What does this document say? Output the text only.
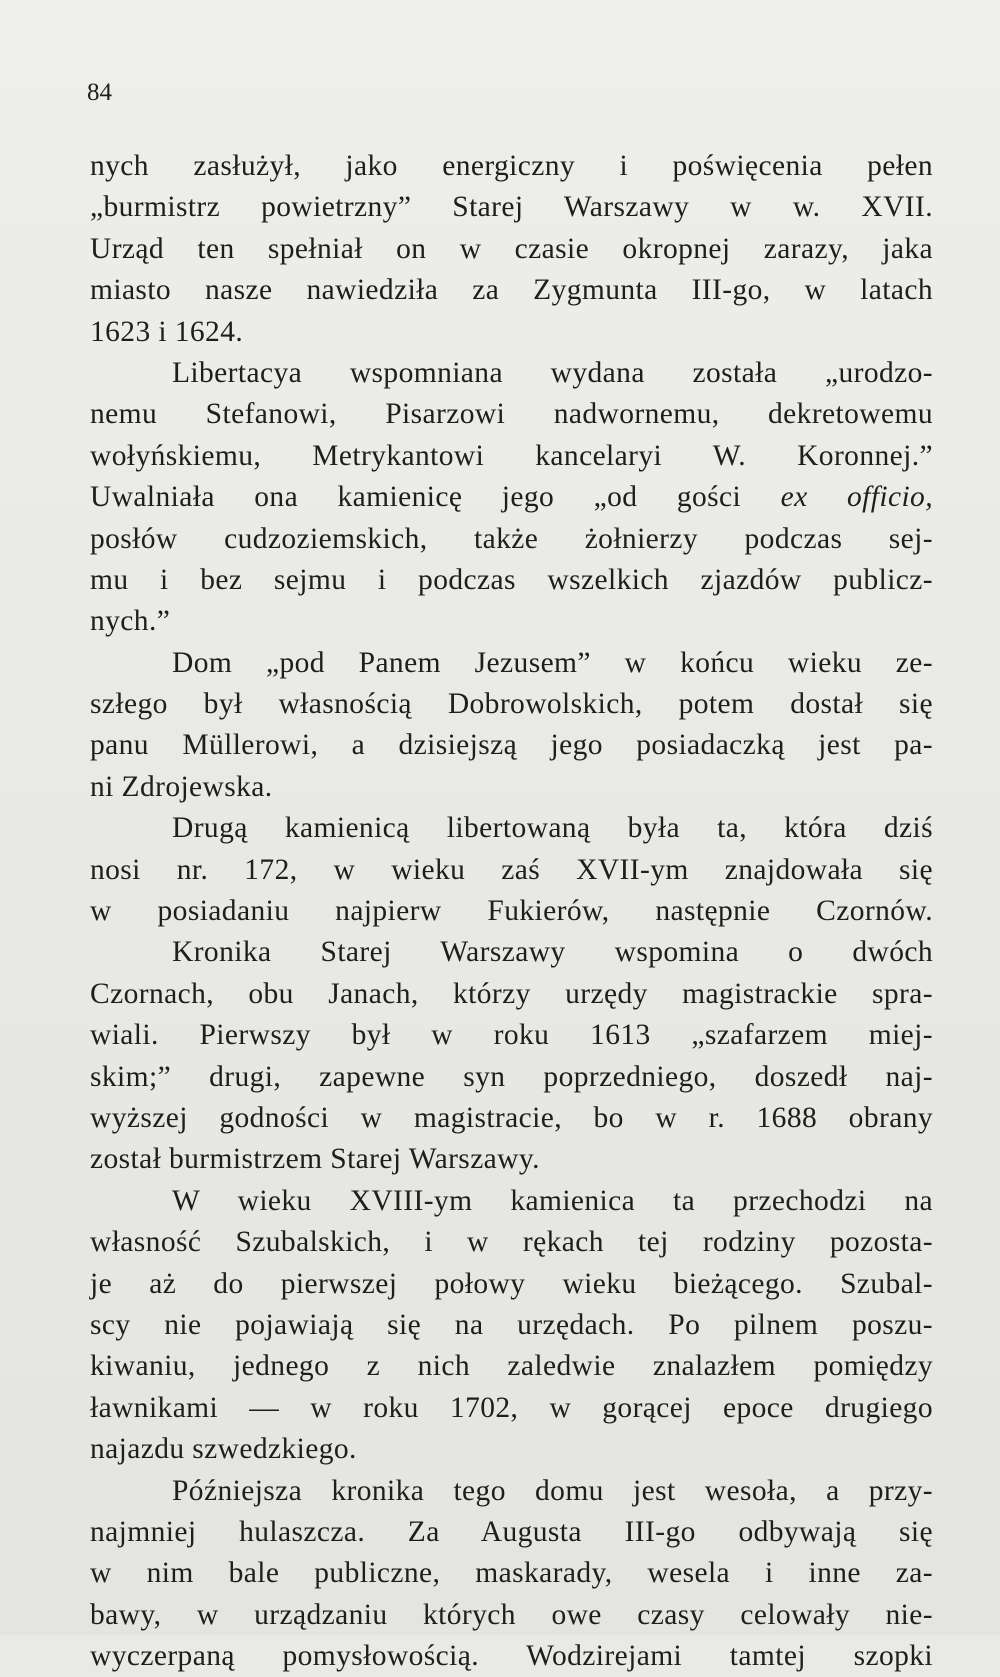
84
nych zasłużył, jako energiczny i poświęcenia pełen
„burmistrz powietrzny” Starej Warszawy w w. XVII.
Urząd ten spełniał on w czasie okropnej zarazy, jaka
miasto nasze nawiedziła za Zygmunta III-go, w latach
1623 i 1624.
Libertacya wspomniana wydana została „urodzo-
nemu Stefanowi, Pisarzowi nadwornemu, dekretowemu
wołyńskiemu, Metrykantowi kancelaryi W. Koronnej.”
Uwalniała ona kamienicę jego „od gości ex officio,
posłów cudzoziemskich, także żołnierzy podczas sej-
mu i bez sejmu i podczas wszelkich zjazdów publicz-
nych.”
Dom „pod Panem Jezusem” w końcu wieku ze-
szłego był własnością Dobrowolskich, potem dostał się
panu Müllerowi, a dzisiejszą jego posiadaczką jest pa-
ni Zdrojewska.
Drugą kamienicą libertowaną była ta, która dziś
nosi nr. 172, w wieku zaś XVII-ym znajdowała się
w posiadaniu najpierw Fukierów, następnie Czornów.
Kronika Starej Warszawy wspomina o dwóch
Czornach, obu Janach, którzy urzędy magistrackie spra-
wiali. Pierwszy był w roku 1613 „szafarzem miej-
skim;” drugi, zapewne syn poprzedniego, doszedł naj-
wyższej godności w magistracie, bo w r. 1688 obrany
został burmistrzem Starej Warszawy.
W wieku XVIII-ym kamienica ta przechodzi na
własność Szubalskich, i w rękach tej rodziny pozosta-
je aż do pierwszej połowy wieku bieżącego. Szubal-
scy nie pojawiają się na urzędach. Po pilnem poszu-
kiwaniu, jednego z nich zaledwie znalazłem pomiędzy
ławnikami — w roku 1702, w gorącej epoce drugiego
najazdu szwedzkiego.
Późniejsza kronika tego domu jest wesoła, a przy-
najmniej hulaszcza. Za Augusta III-go odbywają się
w nim bale publiczne, maskarady, wesela i inne za-
bawy, w urządzaniu których owe czasy celowały nie-
wyczerpaną pomysłowością. Wodzirejami tamtej szopki
